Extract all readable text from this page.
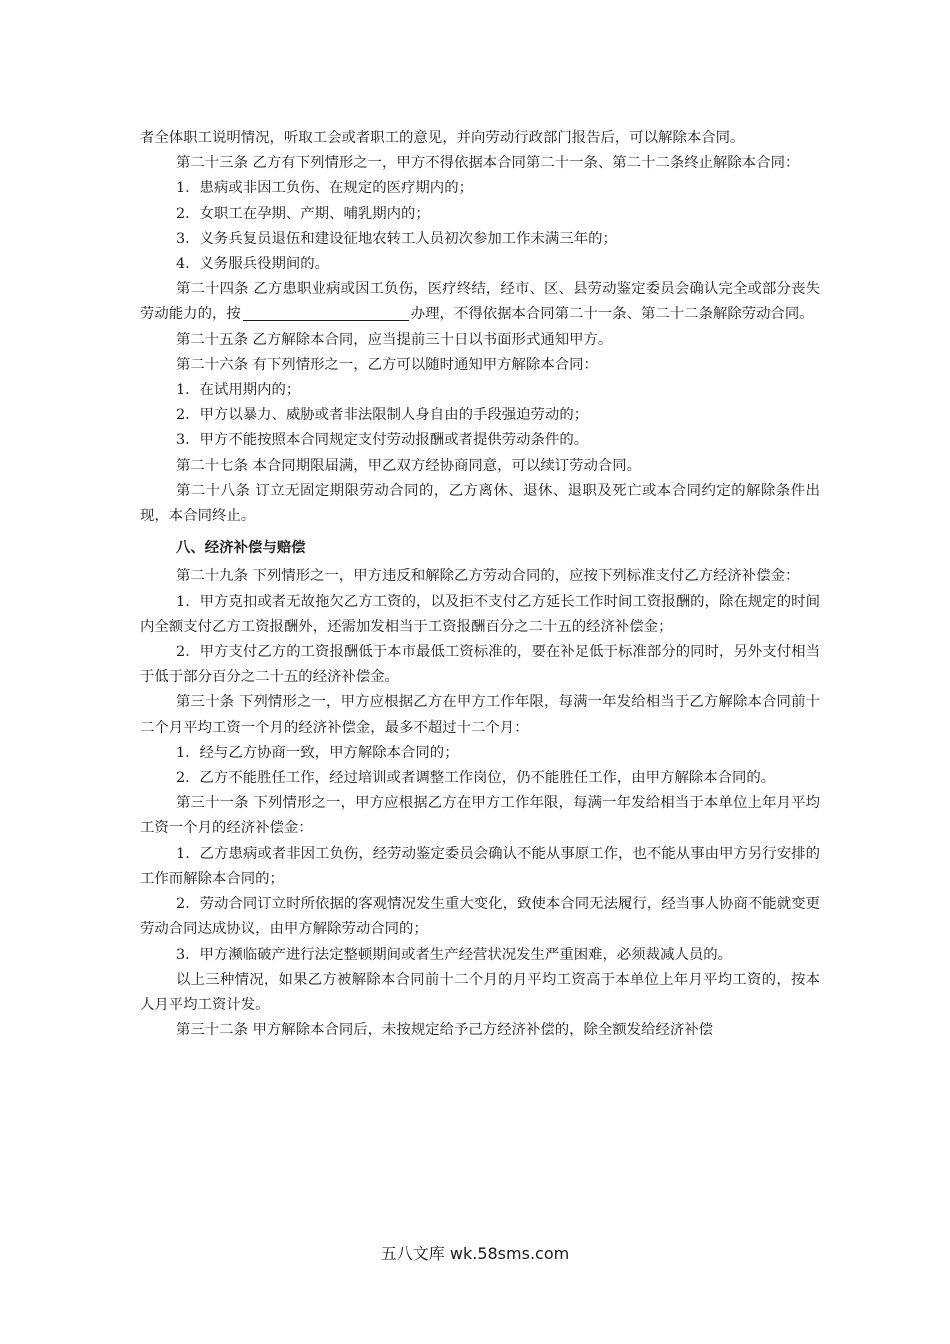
者全体职工说明情况，听取工会或者职工的意见，并向劳动行政部门报告后，可以解除本合同。

第二十三条 乙方有下列情形之一，甲方不得依据本合同第二十一条、第二十二条终止解除本合同：

1．患病或非因工负伤、在规定的医疗期内的；

2．女职工在孕期、产期、哺乳期内的；

3．义务兵复员退伍和建设征地农转工人员初次参加工作未满三年的；

4．义务服兵役期间的。

第二十四条 乙方患职业病或因工负伤，医疗终结，经市、区、县劳动鉴定委员会确认完全或部分丧失劳动能力的，按	办理，不得依据本合同第二十一条、第二十二条解除劳动合同。

第二十五条 乙方解除本合同，应当提前三十日以书面形式通知甲方。

第二十六条 有下列情形之一，乙方可以随时通知甲方解除本合同：

1．在试用期内的；

2．甲方以暴力、威胁或者非法限制人身自由的手段强迫劳动的；

3．甲方不能按照本合同规定支付劳动报酬或者提供劳动条件的。

第二十七条 本合同期限届满，甲乙双方经协商同意，可以续订劳动合同。

第二十八条 订立无固定期限劳动合同的，乙方离休、退休、退职及死亡或本合同约定的解除条件出现，本合同终止。

八、经济补偿与赔偿

第二十九条 下列情形之一，甲方违反和解除乙方劳动合同的，应按下列标准支付乙方经济补偿金：

1．甲方克扣或者无故拖欠乙方工资的，以及拒不支付乙方延长工作时间工资报酬的，除在规定的时间内全额支付乙方工资报酬外，还需加发相当于工资报酬百分之二十五的经济补偿金；

2．甲方支付乙方的工资报酬低于本市最低工资标准的，要在补足低于标准部分的同时，另外支付相当于低于部分百分之二十五的经济补偿金。

第三十条 下列情形之一，甲方应根据乙方在甲方工作年限，每满一年发给相当于乙方解除本合同前十二个月平均工资一个月的经济补偿金，最多不超过十二个月：

1．经与乙方协商一致，甲方解除本合同的；

2．乙方不能胜任工作，经过培训或者调整工作岗位，仍不能胜任工作，由甲方解除本合同的。

第三十一条 下列情形之一，甲方应根据乙方在甲方工作年限，每满一年发给相当于本单位上年月平均工资一个月的经济补偿金：

1．乙方患病或者非因工负伤，经劳动鉴定委员会确认不能从事原工作，也不能从事由甲方另行安排的工作而解除本合同的；

2．劳动合同订立时所依据的客观情况发生重大变化，致使本合同无法履行，经当事人协商不能就变更劳动合同达成协议，由甲方解除劳动合同的；

3．甲方濒临破产进行法定整顿期间或者生产经营状况发生严重困难，必须裁减人员的。

以上三种情况，如果乙方被解除本合同前十二个月的月平均工资高于本单位上年月平均工资的，按本人月平均工资计发。

第三十二条 甲方解除本合同后，未按规定给予己方经济补偿的，除全额发给经济补偿

五八文库 wk.58sms.com
